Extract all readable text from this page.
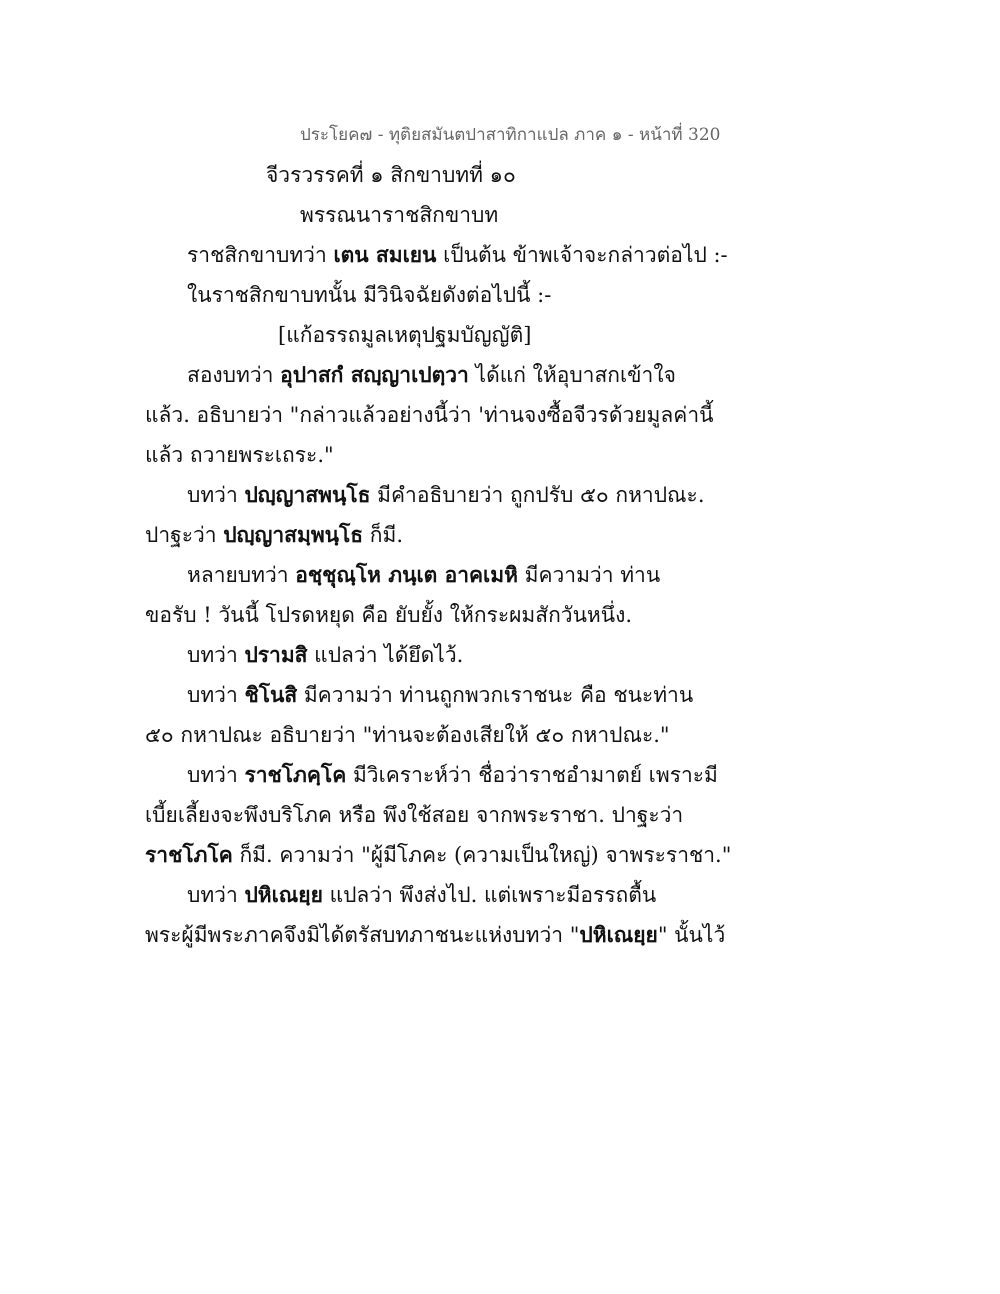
ประโยค๗ - ทุติยสมันตปาสาทิกาแปล ภาค ๑ - หน้าที่ 320
จีวรวรรคที่ ๑ สิกขาบทที่ ๑๐
พรรณนาราชสิกขาบท
ราชสิกขาบทว่า เตน สมเยน เป็นต้น ข้าพเจ้าจะกล่าวต่อไป :-
ในราชสิกขาบทนั้น มีวินิจฉัยดังต่อไปนี้ :-
[แก้อรรถมูลเหตุปฐมบัญญัติ]
สองบทว่า อุปาสกํ สญฺญาเปตฺวา ได้แก่ ให้อุบาสกเข้าใจ
แล้ว. อธิบายว่า "กล่าวแล้วอย่างนี้ว่า 'ท่านจงซื้อจีวรด้วยมูลค่านี้
แล้ว ถวายพระเถระ."
บทว่า ปญฺญาสพนฺโธ มีคำอธิบายว่า ถูกปรับ ๕๐ กหาปณะ.
ปาฐะว่า ปญฺญาสมฺพนฺโธ ก็มี.
หลายบทว่า อชฺชุณฺโห ภนฺเต อาคเมหิ มีความว่า ท่าน
ขอรับ ! วันนี้ โปรดหยุด คือ ยับยั้ง ให้กระผมสักวันหนึ่ง.
บทว่า ปรามสิ แปลว่า ได้ยึดไว้.
บทว่า ชิโนสิ มีความว่า ท่านถูกพวกเราชนะ คือ ชนะท่าน
๕๐ กหาปณะ อธิบายว่า "ท่านจะต้องเสียให้ ๕๐ กหาปณะ."
บทว่า ราชโภคฺโค มีวิเคราะห์ว่า ชื่อว่าราชอำมาตย์ เพราะมี
เบี้ยเลี้ยงจะพึงบริโภค หรือ พึงใช้สอย จากพระราชา. ปาฐะว่า
ราชโภโค ก็มี. ความว่า "ผู้มีโภคะ (ความเป็นใหญ่) จาพระราชา."
บทว่า ปหิเณยฺย แปลว่า พึงส่งไป. แต่เพราะมีอรรถตื้น
พระผู้มีพระภาคจึงมิได้ตรัสบทภาชนะแห่งบทว่า "ปหิเณยฺย" นั้นไว้
